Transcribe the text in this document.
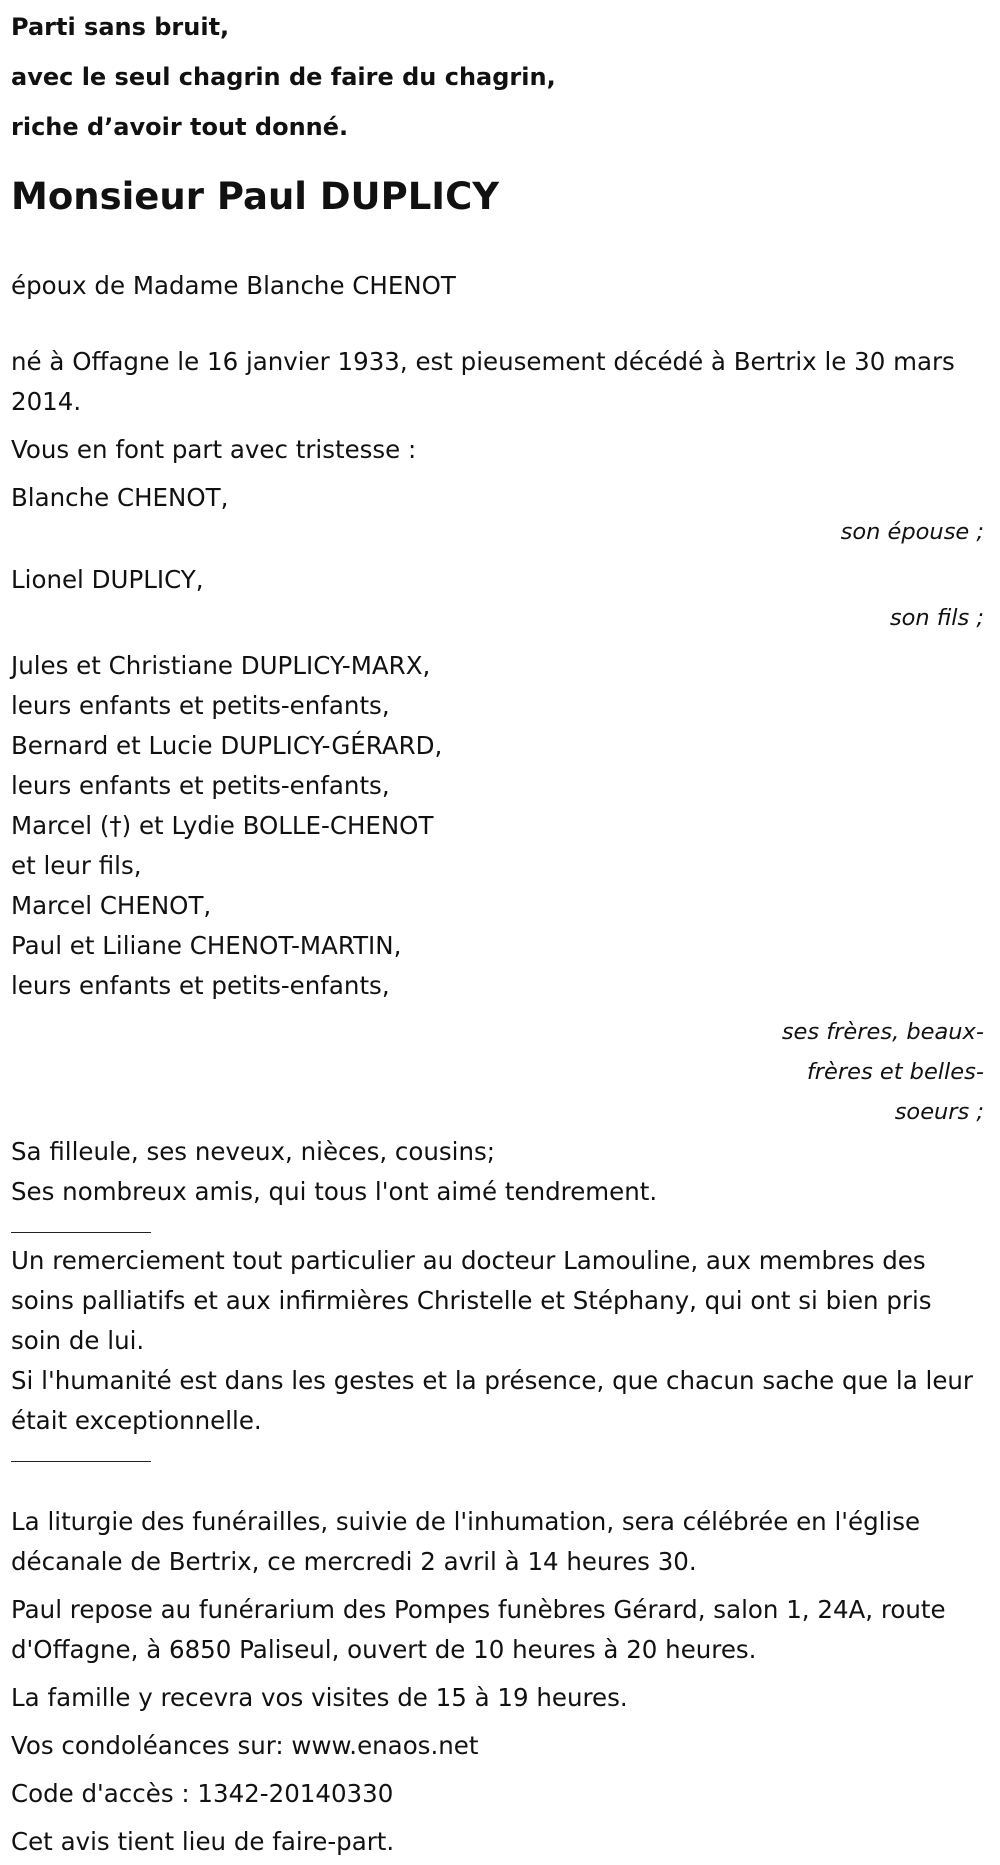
Parti sans bruit,
avec le seul chagrin de faire du chagrin,
riche d’avoir tout donné.
Monsieur Paul DUPLICY

époux de Madame Blanche CHENOT

né à Offagne le 16 janvier 1933, est pieusement décédé à Bertrix le 30 mars 2014.

Vous en font part avec tristesse :

Blanche CHENOT,

son épouse ;

Lionel DUPLICY,

son fils ;

Jules et Christiane DUPLICY-MARX,

leurs enfants et petits-enfants,

Bernard et Lucie DUPLICY-GÉRARD,

leurs enfants et petits-enfants,

Marcel (†) et Lydie BOLLE-CHENOT

et leur fils,

Marcel CHENOT,

Paul et Liliane CHENOT-MARTIN,

leurs enfants et petits-enfants,

ses frères, beaux-
frères et belles-
soeurs ;

Sa filleule, ses neveux, nièces, cousins;

Ses nombreux amis, qui tous l'ont aimé tendrement.

Un remerciement tout particulier au docteur Lamouline, aux membres des soins palliatifs et aux infirmières Christelle et Stéphany, qui ont si bien pris soin de lui.

Si l'humanité est dans les gestes et la présence, que chacun sache que la leur était exceptionnelle.

La liturgie des funérailles, suivie de l'inhumation, sera célébrée en l'église décanale de Bertrix, ce mercredi 2 avril à 14 heures 30.

Paul repose au funérarium des Pompes funèbres Gérard, salon 1, 24A, route d'Offagne, à 6850 Paliseul, ouvert de 10 heures à 20 heures.

La famille y recevra vos visites de 15 à 19 heures.

Vos condoléances sur: www.enaos.net

Code d'accès : 1342-20140330

Cet avis tient lieu de faire-part.
